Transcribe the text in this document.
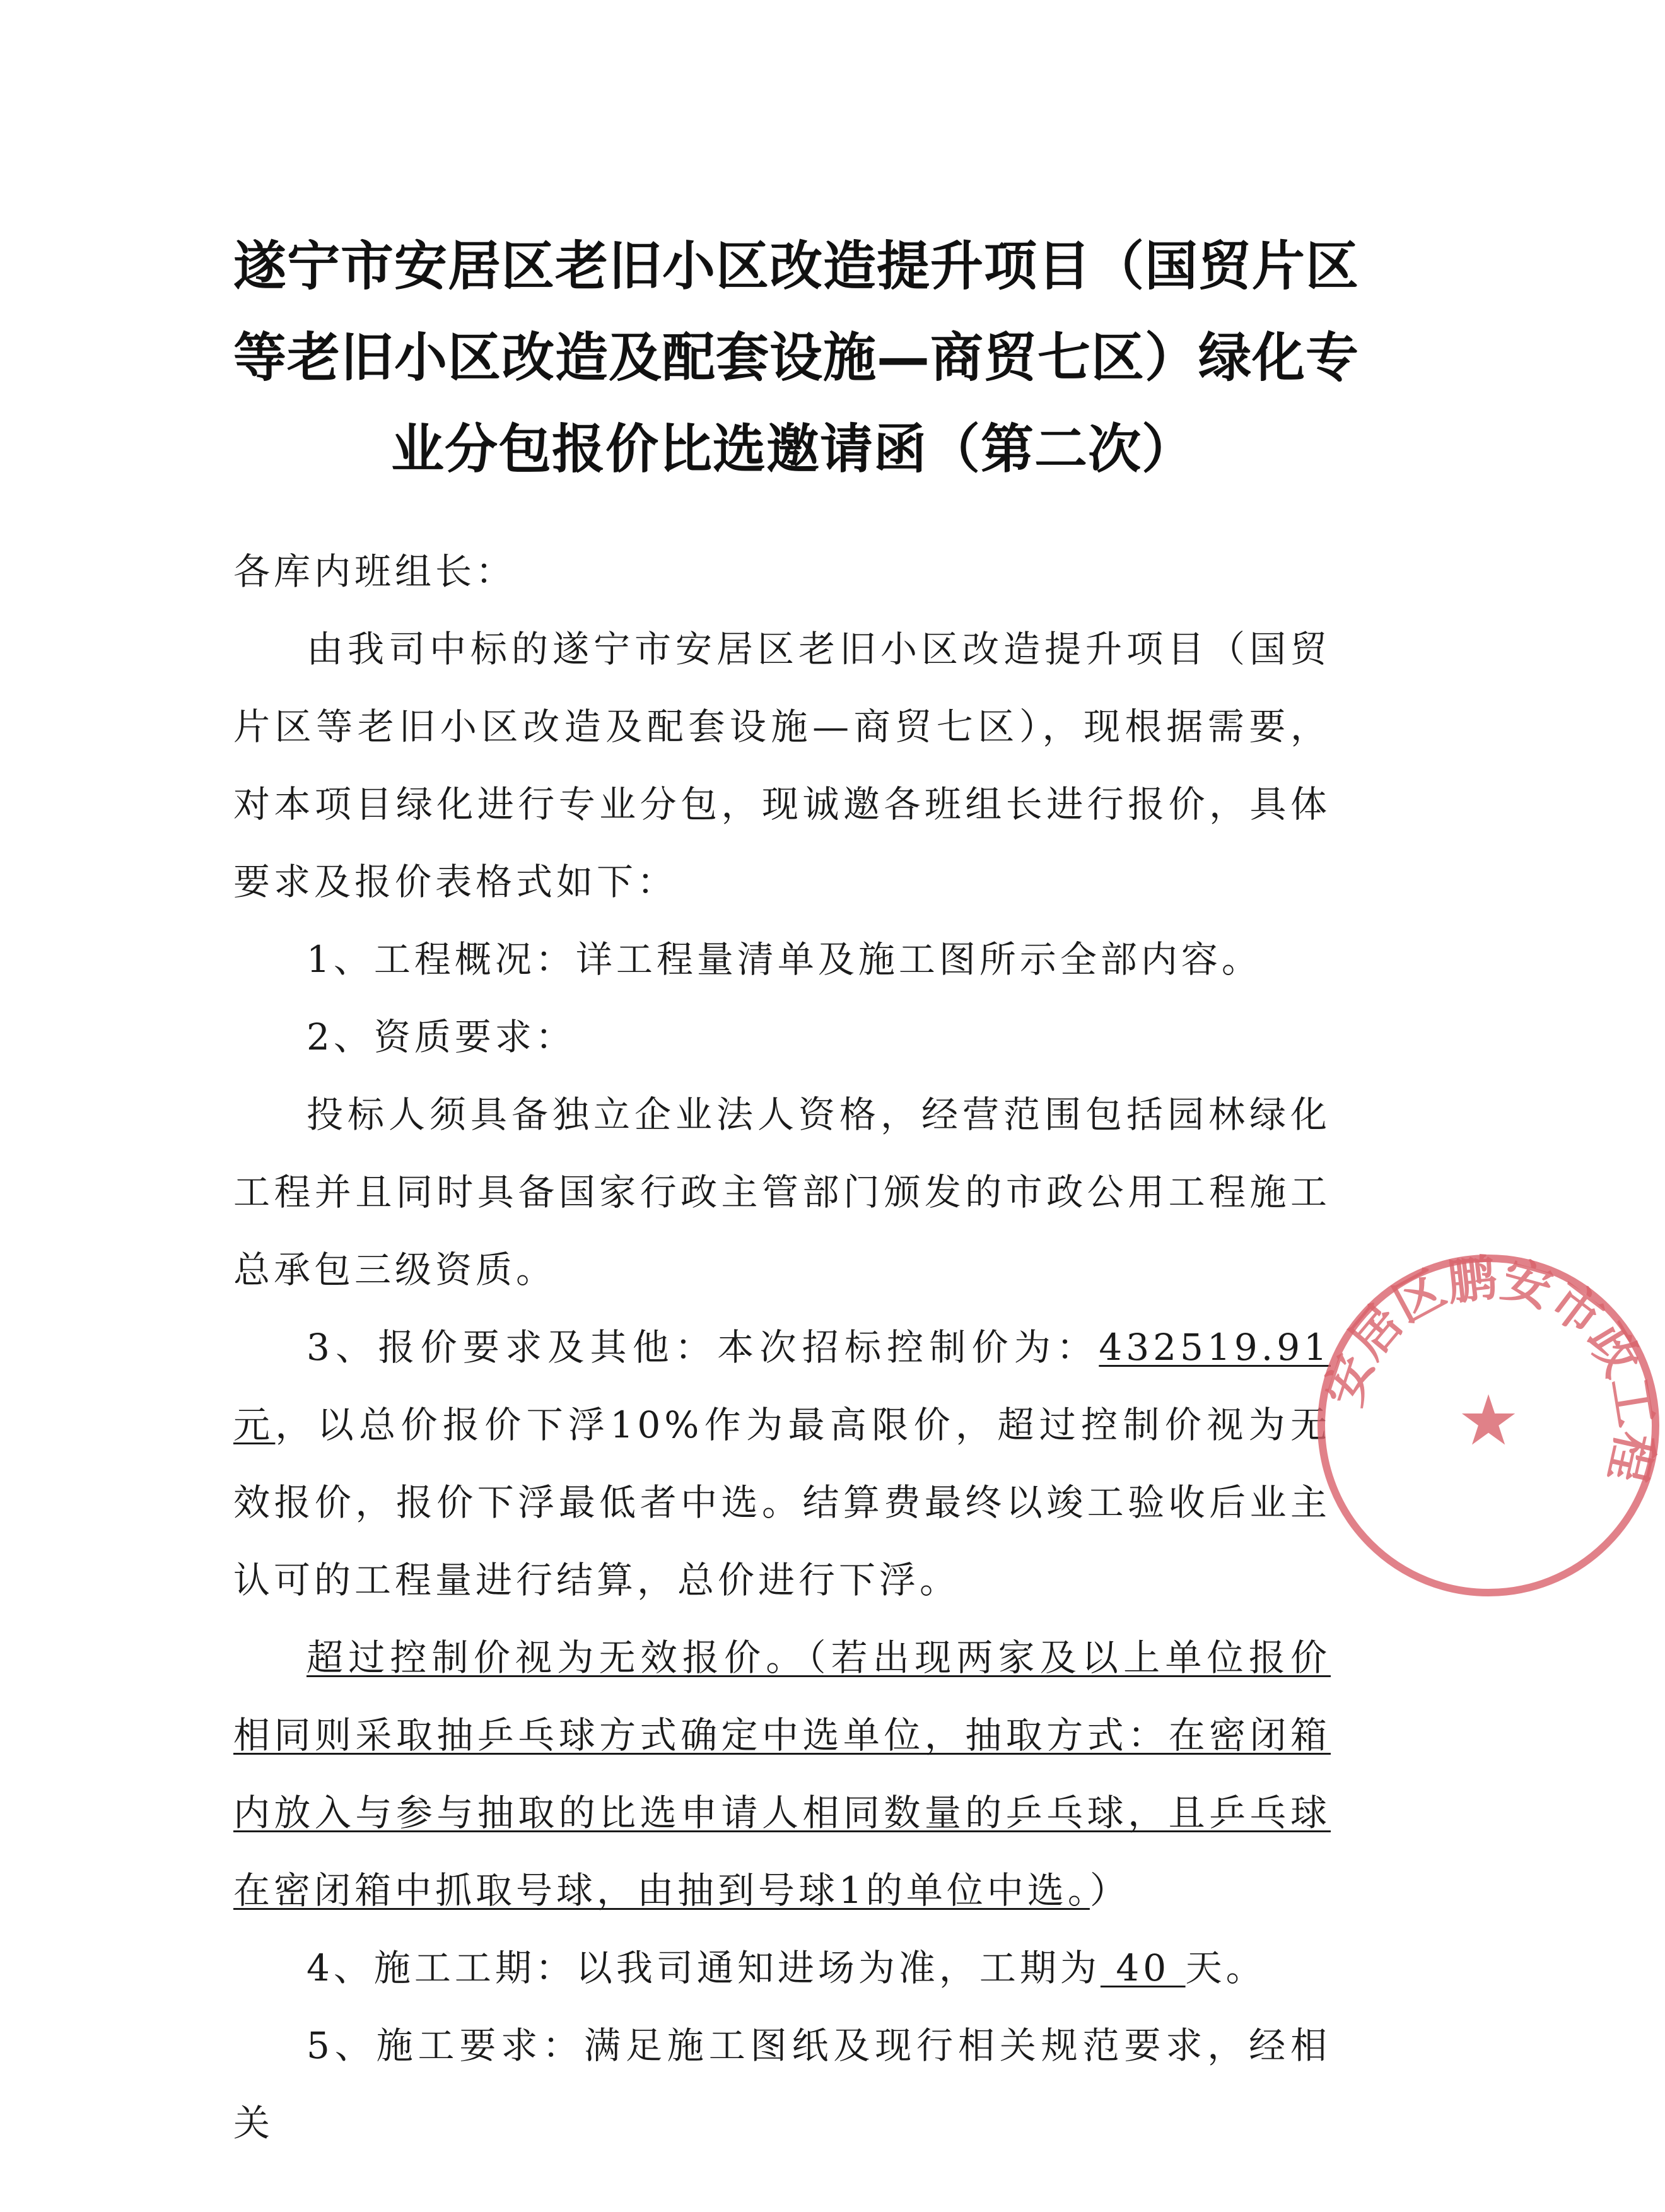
遂宁市安居区老旧小区改造提升项目（国贸片区
等老旧小区改造及配套设施—商贸七区）绿化专
业分包报价比选邀请函（第二次）

各库内班组长：

由我司中标的遂宁市安居区老旧小区改造提升项目（国贸片区等老旧小区改造及配套设施—商贸七区），现根据需要，对本项目绿化进行专业分包，现诚邀各班组长进行报价，具体要求及报价表格式如下：

1、工程概况：详工程量清单及施工图所示全部内容。

2、资质要求：

投标人须具备独立企业法人资格，经营范围包括园林绿化工程并且同时具备国家行政主管部门颁发的市政公用工程施工总承包三级资质。

3、报价要求及其他：本次招标控制价为：432519.91元，以总价报价下浮10%作为最高限价，超过控制价视为无效报价，报价下浮最低者中选。结算费最终以竣工验收后业主认可的工程量进行结算，总价进行下浮。

超过控制价视为无效报价。（若出现两家及以上单位报价相同则采取抽乒乓球方式确定中选单位，抽取方式：在密闭箱内放入与参与抽取的比选申请人相同数量的乒乓球，且乒乓球在密闭箱中抓取号球，由抽到号球1的单位中选。）

4、施工工期：以我司通知进场为准，工期为 40 天。

5、施工要求：满足施工图纸及现行相关规范要求，经相关

安居区鹏安市政工程
★
